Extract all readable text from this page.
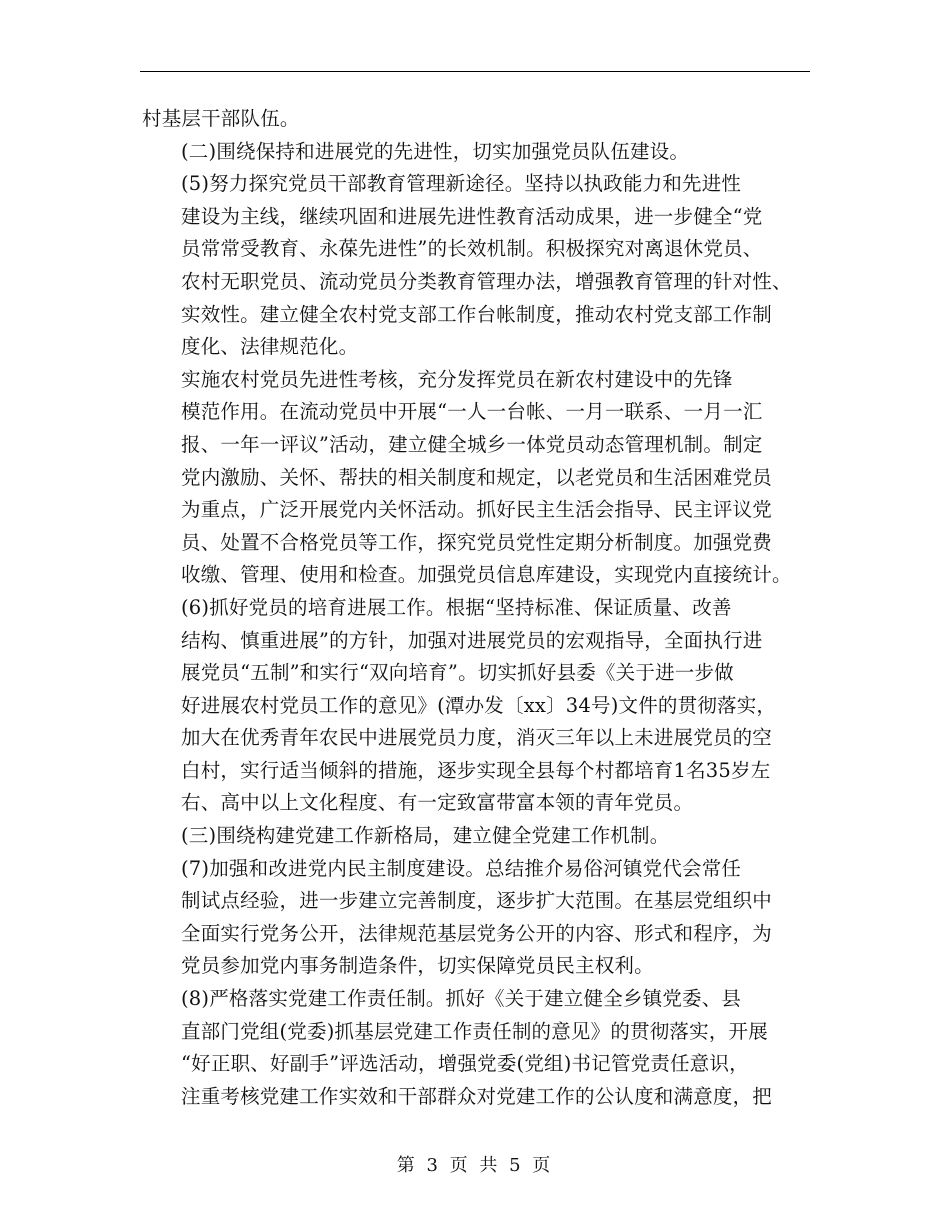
村基层干部队伍。

(二)围绕保持和进展党的先进性，切实加强党员队伍建设。

(5)努力探究党员干部教育管理新途径。坚持以执政能力和先进性
建设为主线，继续巩固和进展先进性教育活动成果，进一步健全“党
员常常受教育、永葆先进性”的长效机制。积极探究对离退休党员、
农村无职党员、流动党员分类教育管理办法，增强教育管理的针对性、
实效性。建立健全农村党支部工作台帐制度，推动农村党支部工作制
度化、法律规范化。

实施农村党员先进性考核，充分发挥党员在新农村建设中的先锋
模范作用。在流动党员中开展“一人一台帐、一月一联系、一月一汇
报、一年一评议”活动，建立健全城乡一体党员动态管理机制。制定
党内激励、关怀、帮扶的相关制度和规定，以老党员和生活困难党员
为重点，广泛开展党内关怀活动。抓好民主生活会指导、民主评议党
员、处置不合格党员等工作，探究党员党性定期分析制度。加强党费
收缴、管理、使用和检查。加强党员信息库建设，实现党内直接统计。

(6)抓好党员的培育进展工作。根据“坚持标准、保证质量、改善
结构、慎重进展”的方针，加强对进展党员的宏观指导，全面执行进
展党员“五制”和实行“双向培育”。切实抓好县委《关于进一步做
好进展农村党员工作的意见》(潭办发〔xx〕34号)文件的贯彻落实，
加大在优秀青年农民中进展党员力度，消灭三年以上未进展党员的空
白村，实行适当倾斜的措施，逐步实现全县每个村都培育1名35岁左
右、高中以上文化程度、有一定致富带富本领的青年党员。

(三)围绕构建党建工作新格局，建立健全党建工作机制。

(7)加强和改进党内民主制度建设。总结推介易俗河镇党代会常任
制试点经验，进一步建立完善制度，逐步扩大范围。在基层党组织中
全面实行党务公开，法律规范基层党务公开的内容、形式和程序，为
党员参加党内事务制造条件，切实保障党员民主权利。

(8)严格落实党建工作责任制。抓好《关于建立健全乡镇党委、县
直部门党组(党委)抓基层党建工作责任制的意见》的贯彻落实，开展
“好正职、好副手”评选活动，增强党委(党组)书记管党责任意识，
注重考核党建工作实效和干部群众对党建工作的公认度和满意度，把

第 3 页 共 5 页
